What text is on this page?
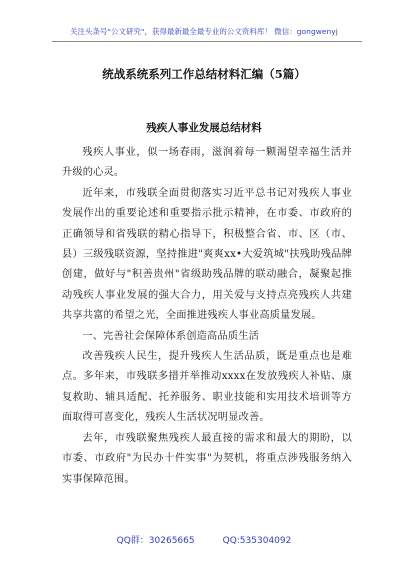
关注头条号"公文研究"，获得最新最全最专业的公文资料库！ 微信：gongwenyj
统战系统系列工作总结材料汇编（5篇）
残疾人事业发展总结材料

残疾人事业，似一场春雨，滋润着每一颗渴望幸福生活并升级的心灵。

近年来，市残联全面贯彻落实习近平总书记对残疾人事业发展作出的重要论述和重要指示批示精神，在市委、市政府的正确领导和省残联的精心指导下，积极整合省、市、区（市、县）三级残联资源，坚持推进"爽爽xx•大爱筑城"扶残助残品牌创建，做好与"积善贵州"省级助残品牌的联动融合，凝聚起推动残疾人事业发展的强大合力，用关爱与支持点亮残疾人共建共享共富的希望之光，全面推进残疾人事业高质量发展。

一、完善社会保障体系创造高品质生活

改善残疾人民生，提升残疾人生活品质，既是重点也是难点。多年来，市残联多措并举推动xxxx在发放残疾人补贴、康复救助、辅具适配、托养服务、职业技能和实用技术培训等方面取得可喜变化，残疾人生活状况明显改善。

去年，市残联聚焦残疾人最直接的需求和最大的期盼，以市委、市政府"为民办十件实事"为契机，将重点涉残服务纳入实事保障范围。

QQ群：30265665	QQ:535304092
